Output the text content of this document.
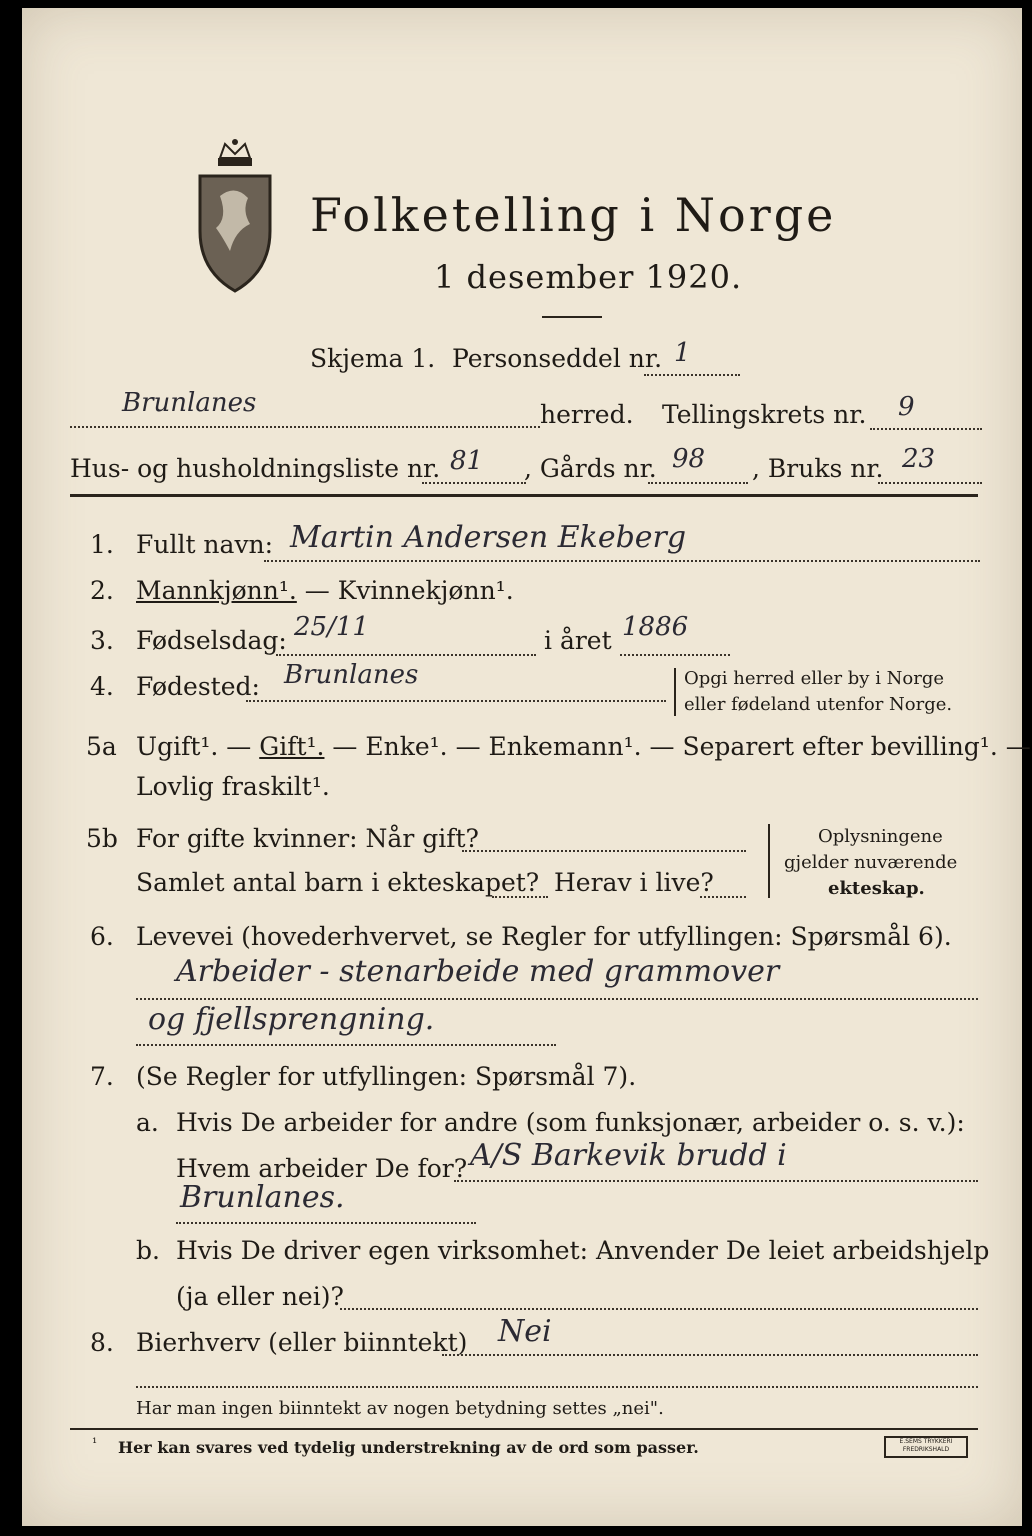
Folketelling i Norge
1 desember 1920.
Skjema 1. Personseddel nr. 1
Brunlanes	herred. Tellingskrets nr. 9
Hus- og husholdningsliste nr. 81 , Gårds nr. 98 , Bruks nr. 23
1. Fullt navn: Martin Andersen Ekeberg
2. Mannkjønn¹. — Kvinnekjønn¹.
3. Fødselsdag: 25/11	i året 1886
4. Fødested: Brunlanes	Opgi herred eller by i Norge
eller fødeland utenfor Norge.
5a Ugift¹. — Gift¹. — Enke¹. — Enkemann¹. — Separert efter bevilling¹. —
Lovlig fraskilt¹.
5b For gifte kvinner: Når gift?
Samlet antal barn i ekteskapet? Herav i live?
Oplysningene
gjelder nuværende
ekteskap.
6. Levevei (hovederhvervet, se Regler for utfyllingen: Spørsmål 6).
Arbeider - stenarbeide med grammover
og fjellsprengning.
7. (Se Regler for utfyllingen: Spørsmål 7).
a. Hvis De arbeider for andre (som funksjonær, arbeider o. s. v.):
Hvem arbeider De for? A/S Barkevik brudd i
Brunlanes.
b. Hvis De driver egen virksomhet: Anvender De leiet arbeidshjelp
(ja eller nei)?
8. Bierhverv (eller biinntekt) Nei
Har man ingen biinntekt av nogen betydning settes „nei".
¹ Her kan svares ved tydelig understrekning av de ord som passer.	E.SEMS TRYKKERI FREDRIKSHALD
